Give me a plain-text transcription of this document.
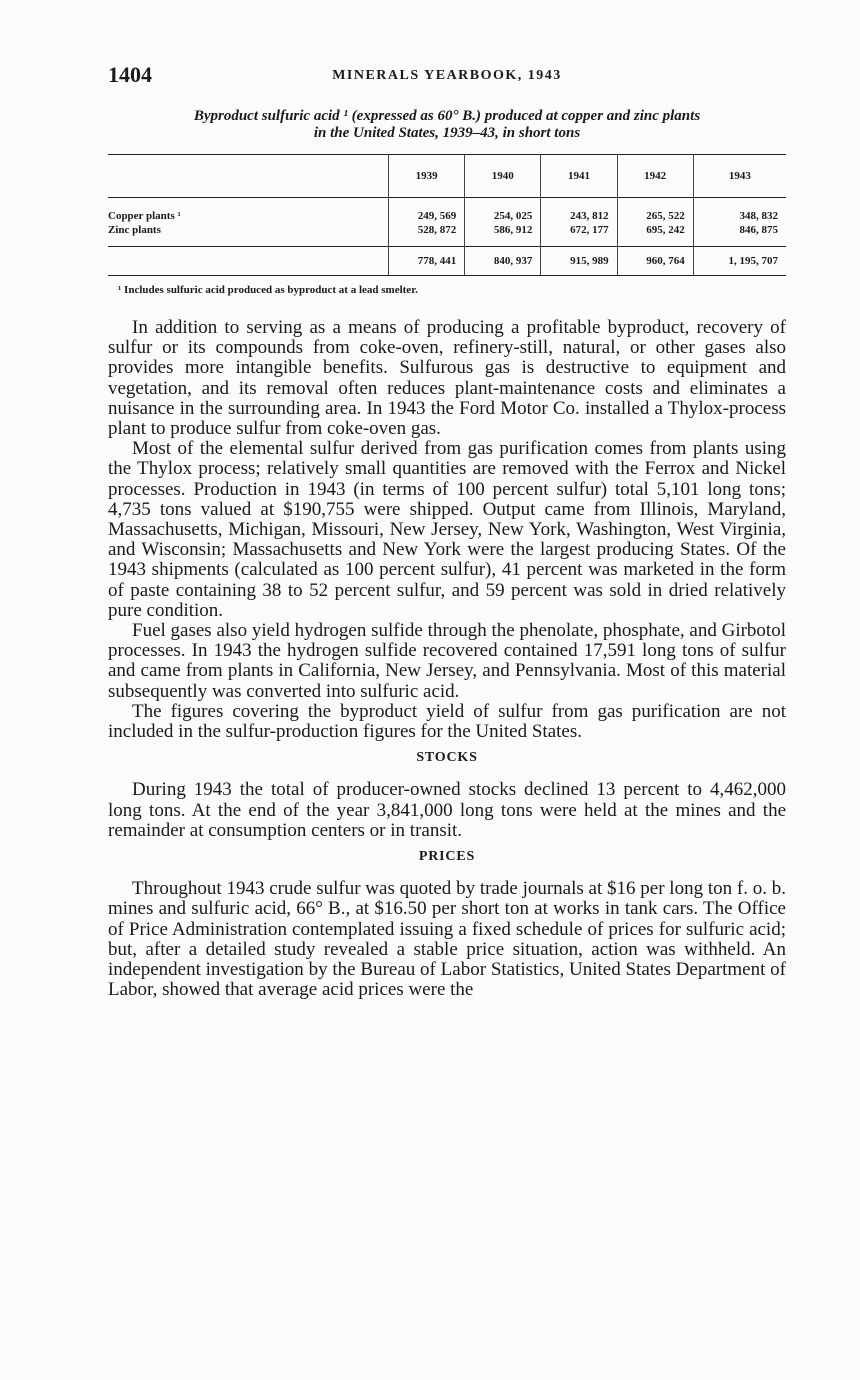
1404	MINERALS YEARBOOK, 1943
Byproduct sulfuric acid ¹ (expressed as 60° B.) produced at copper and zinc plants
in the United States, 1939–43, in short tons
	1939	1940	1941	1942	1943
Copper plants ¹	249, 569	254, 025	243, 812	265, 522	348, 832
Zinc plants	528, 872	586, 912	672, 177	695, 242	846, 875
	778, 441	840, 937	915, 989	960, 764	1, 195, 707
¹ Includes sulfuric acid produced as byproduct at a lead smelter.

In addition to serving as a means of producing a profitable byproduct, recovery of sulfur or its compounds from coke-oven, refinery-still, natural, or other gases also provides more intangible benefits. Sulfurous gas is destructive to equipment and vegetation, and its removal often reduces plant-maintenance costs and eliminates a nuisance in the surrounding area. In 1943 the Ford Motor Co. installed a Thylox-process plant to produce sulfur from coke-oven gas.

Most of the elemental sulfur derived from gas purification comes from plants using the Thylox process; relatively small quantities are removed with the Ferrox and Nickel processes. Production in 1943 (in terms of 100 percent sulfur) total 5,101 long tons; 4,735 tons valued at $190,755 were shipped. Output came from Illinois, Maryland, Massachusetts, Michigan, Missouri, New Jersey, New York, Washington, West Virginia, and Wisconsin; Massachusetts and New York were the largest producing States. Of the 1943 shipments (calculated as 100 percent sulfur), 41 percent was marketed in the form of paste containing 38 to 52 percent sulfur, and 59 percent was sold in dried relatively pure condition.

Fuel gases also yield hydrogen sulfide through the phenolate, phosphate, and Girbotol processes. In 1943 the hydrogen sulfide recovered contained 17,591 long tons of sulfur and came from plants in California, New Jersey, and Pennsylvania. Most of this material subsequently was converted into sulfuric acid.

The figures covering the byproduct yield of sulfur from gas purification are not included in the sulfur-production figures for the United States.

STOCKS

During 1943 the total of producer-owned stocks declined 13 percent to 4,462,000 long tons. At the end of the year 3,841,000 long tons were held at the mines and the remainder at consumption centers or in transit.

PRICES

Throughout 1943 crude sulfur was quoted by trade journals at $16 per long ton f. o. b. mines and sulfuric acid, 66° B., at $16.50 per short ton at works in tank cars. The Office of Price Administration contemplated issuing a fixed schedule of prices for sulfuric acid; but, after a detailed study revealed a stable price situation, action was withheld. An independent investigation by the Bureau of Labor Statistics, United States Department of Labor, showed that average acid prices were the
